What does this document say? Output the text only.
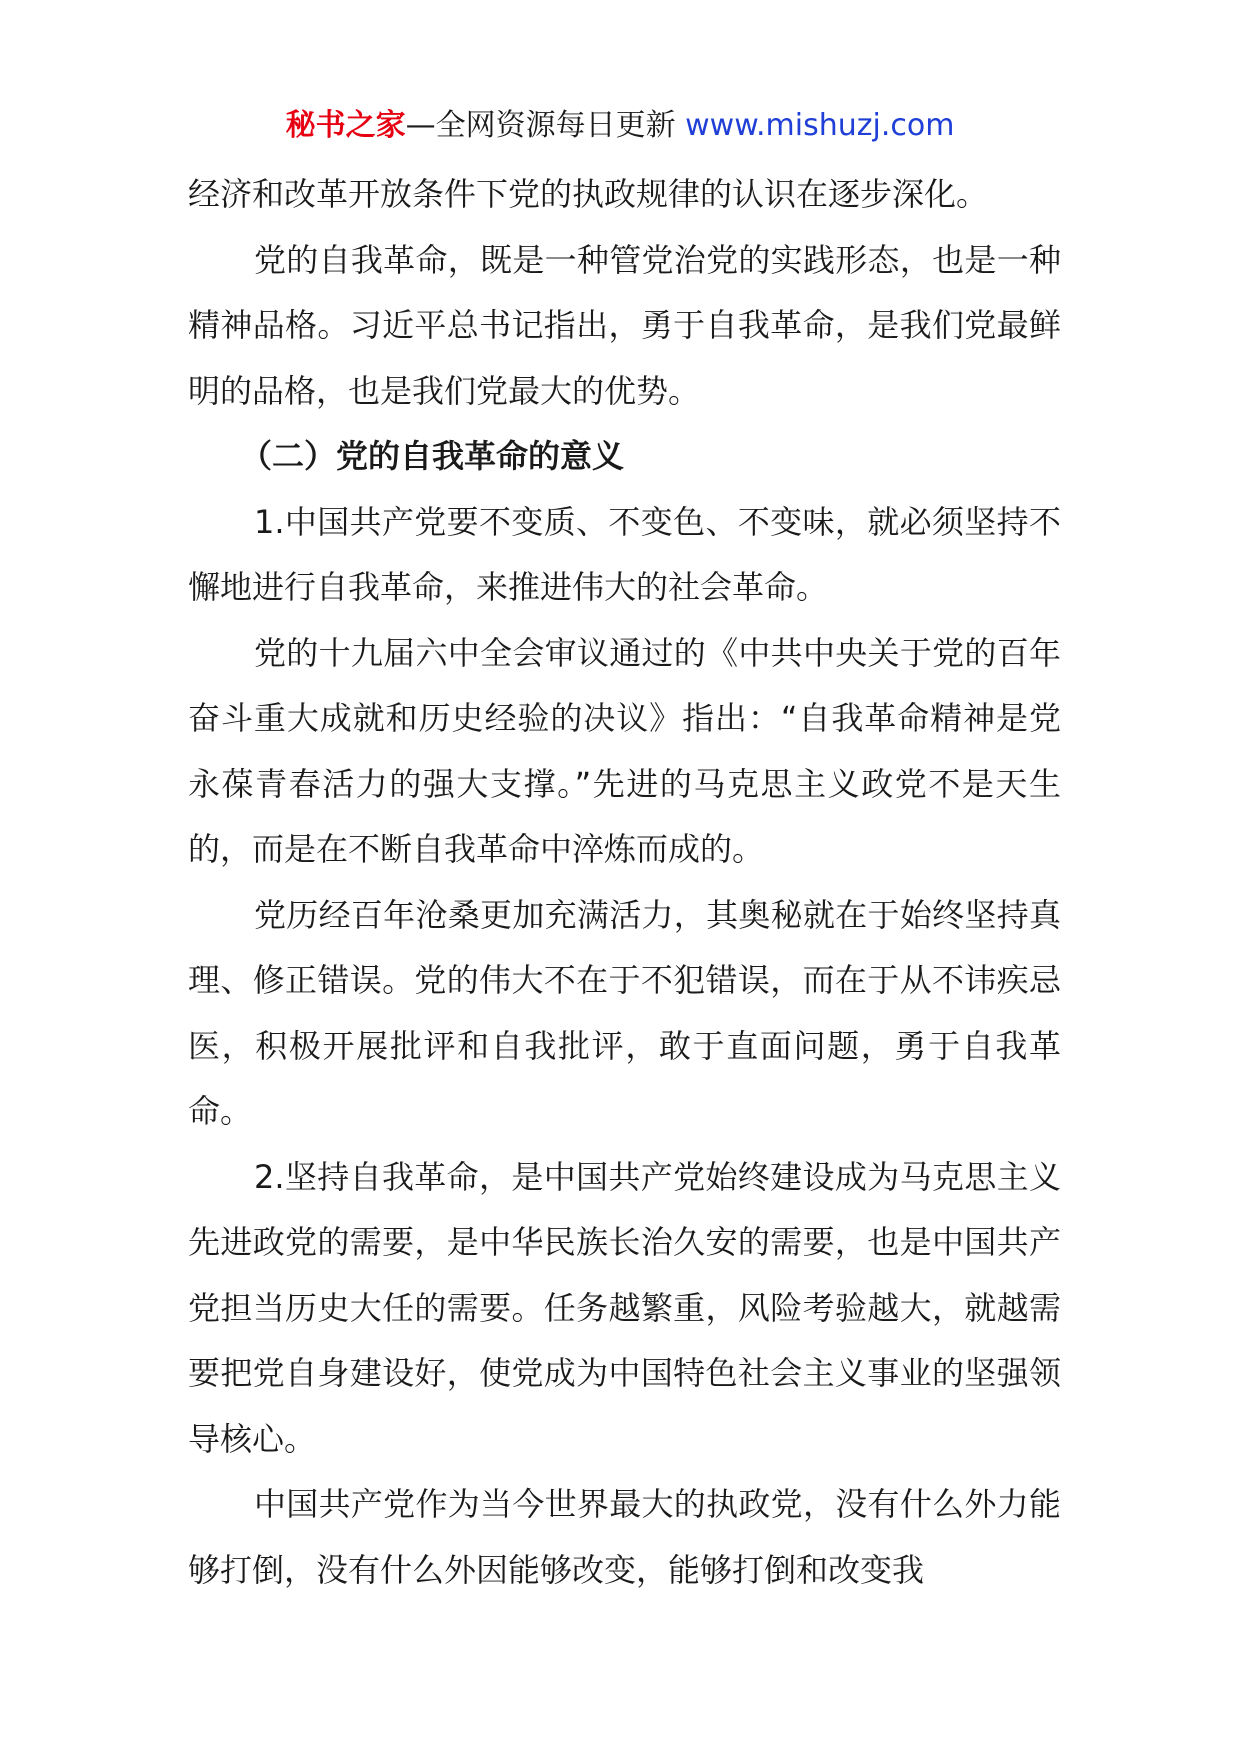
秘书之家—全网资源每日更新 www.mishuzj.com

经济和改革开放条件下党的执政规律的认识在逐步深化。

党的自我革命，既是一种管党治党的实践形态，也是一种精神品格。习近平总书记指出，勇于自我革命，是我们党最鲜明的品格，也是我们党最大的优势。

（二）党的自我革命的意义

1.中国共产党要不变质、不变色、不变味，就必须坚持不懈地进行自我革命，来推进伟大的社会革命。

党的十九届六中全会审议通过的《中共中央关于党的百年奋斗重大成就和历史经验的决议》指出：“自我革命精神是党永葆青春活力的强大支撑。”先进的马克思主义政党不是天生的，而是在不断自我革命中淬炼而成的。

党历经百年沧桑更加充满活力，其奥秘就在于始终坚持真理、修正错误。党的伟大不在于不犯错误，而在于从不讳疾忌医，积极开展批评和自我批评，敢于直面问题，勇于自我革命。

2.坚持自我革命，是中国共产党始终建设成为马克思主义先进政党的需要，是中华民族长治久安的需要，也是中国共产党担当历史大任的需要。任务越繁重，风险考验越大，就越需要把党自身建设好，使党成为中国特色社会主义事业的坚强领导核心。

中国共产党作为当今世界最大的执政党，没有什么外力能够打倒，没有什么外因能够改变，能够打倒和改变我
